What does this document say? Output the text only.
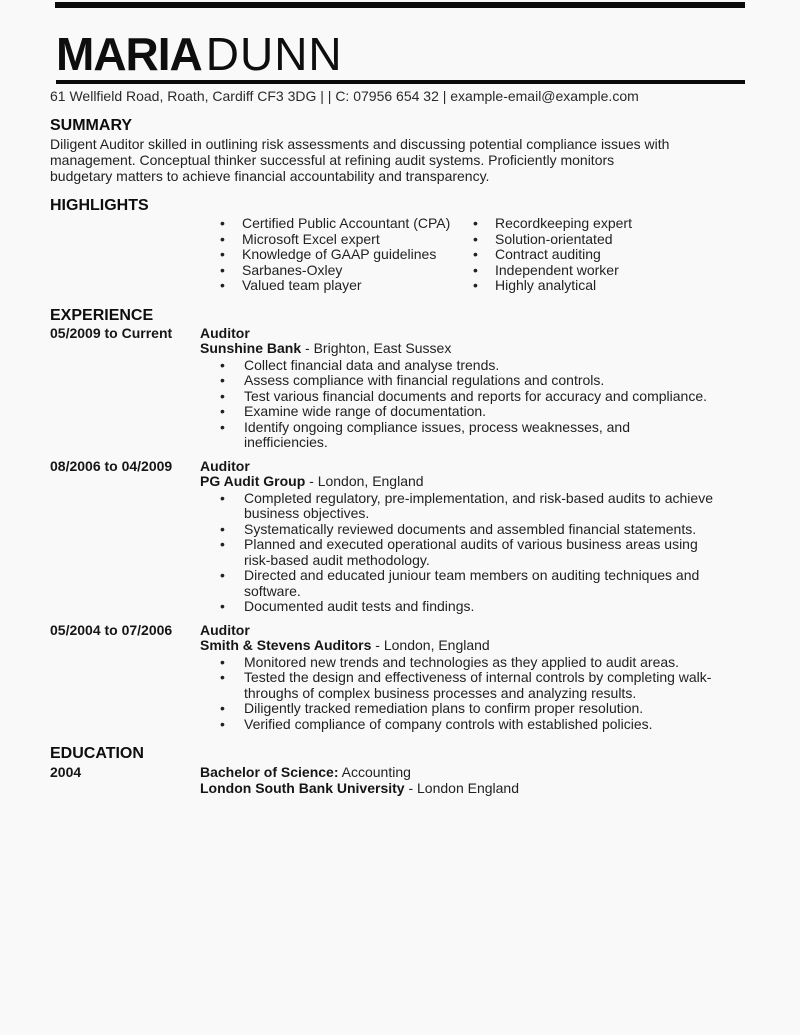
MARIADUNN
61 Wellfield Road, Roath, Cardiff CF3 3DG | | C: 07956 654 32 | example-email@example.com
SUMMARY
Diligent Auditor skilled in outlining risk assessments and discussing potential compliance issues with
management. Conceptual thinker successful at refining audit systems. Proficiently monitors
budgetary matters to achieve financial accountability and transparency.
HIGHLIGHTS
• Certified Public Accountant (CPA)
• Microsoft Excel expert
• Knowledge of GAAP guidelines
• Sarbanes-Oxley
• Valued team player
• Recordkeeping expert
• Solution-orientated
• Contract auditing
• Independent worker
• Highly analytical
EXPERIENCE
05/2009 to Current	Auditor
Sunshine Bank - Brighton, East Sussex
• Collect financial data and analyse trends.
• Assess compliance with financial regulations and controls.
• Test various financial documents and reports for accuracy and compliance.
• Examine wide range of documentation.
• Identify ongoing compliance issues, process weaknesses, and inefficiencies.
08/2006 to 04/2009	Auditor
PG Audit Group - London, England
• Completed regulatory, pre-implementation, and risk-based audits to achieve business objectives.
• Systematically reviewed documents and assembled financial statements.
• Planned and executed operational audits of various business areas using risk-based audit methodology.
• Directed and educated juniour team members on auditing techniques and software.
• Documented audit tests and findings.
05/2004 to 07/2006	Auditor
Smith & Stevens Auditors - London, England
• Monitored new trends and technologies as they applied to audit areas.
• Tested the design and effectiveness of internal controls by completing walk-throughs of complex business processes and analyzing results.
• Diligently tracked remediation plans to confirm proper resolution.
• Verified compliance of company controls with established policies.
EDUCATION
2004	Bachelor of Science: Accounting
London South Bank University - London England
